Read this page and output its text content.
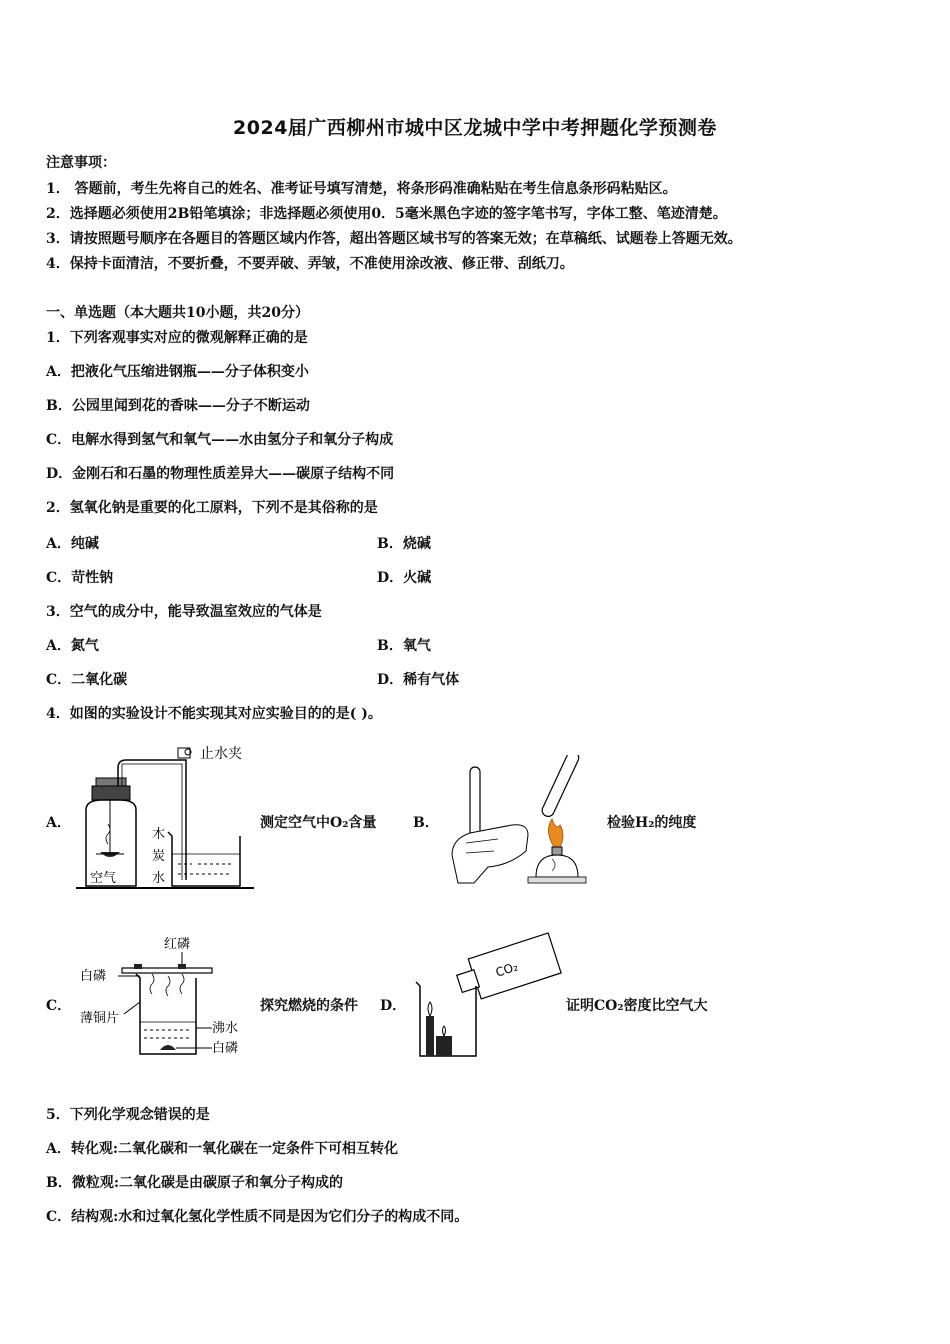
2024届广西柳州市城中区龙城中学中考押题化学预测卷
注意事项：
1． 答题前，考生先将自己的姓名、准考证号填写清楚，将条形码准确粘贴在考生信息条形码粘贴区。
2．选择题必须使用2B铅笔填涂；非选择题必须使用0．5毫米黑色字迹的签字笔书写，字体工整、笔迹清楚。
3．请按照题号顺序在各题目的答题区域内作答，超出答题区域书写的答案无效；在草稿纸、试题卷上答题无效。
4．保持卡面清洁，不要折叠，不要弄破、弄皱，不准使用涂改液、修正带、刮纸刀。
一、单选题（本大题共10小题，共20分）
1．下列客观事实对应的微观解释正确的是
A．把液化气压缩进钢瓶——分子体积变小
B．公园里闻到花的香味——分子不断运动
C．电解水得到氢气和氧气——水由氢分子和氧分子构成
D．金刚石和石墨的物理性质差异大——碳原子结构不同
2．氢氧化钠是重要的化工原料，下列不是其俗称的是
A．纯碱	B．烧碱
C．苛性钠	D．火碱
3．空气的成分中，能导致温室效应的气体是
A．氮气	B．氧气
C．二氧化碳	D．稀有气体
4．如图的实验设计不能实现其对应实验目的的是( )。
A．
空气
止水夹
木
炭
水
测定空气中O₂含量	B．	检验H₂的纯度
C．
红磷
白磷
薄铜片
沸水
白磷
探究燃烧的条件 D．
CO₂
证明CO₂密度比空气大
5．下列化学观念错误的是
A．转化观:二氧化碳和一氧化碳在一定条件下可相互转化
B．微粒观:二氧化碳是由碳原子和氧分子构成的
C．结构观:水和过氧化氢化学性质不同是因为它们分子的构成不同。
